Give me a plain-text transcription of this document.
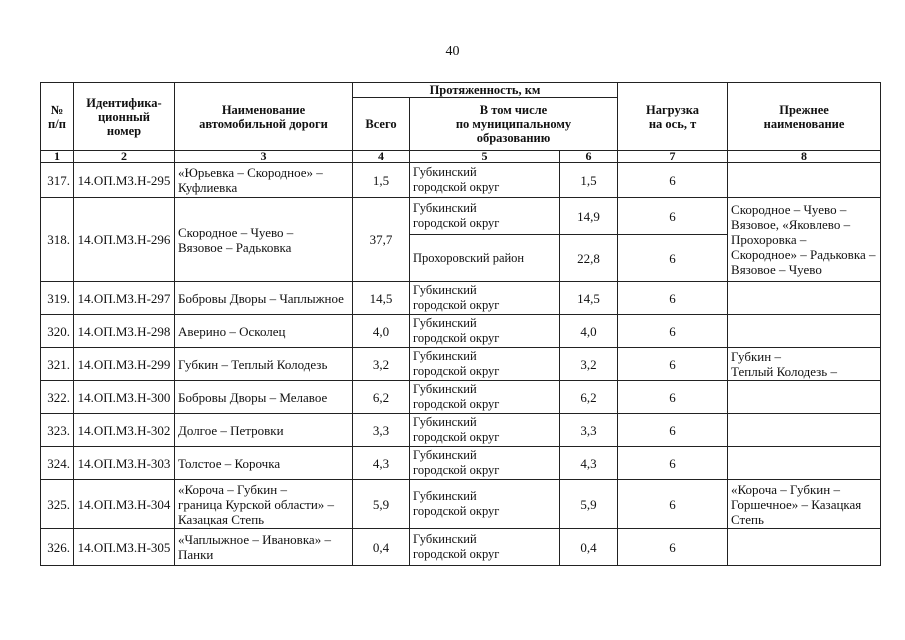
40
№
п/п	Идентифика-
ционный
номер	Наименование
автомобильной дороги	Протяженность, км			Нагрузка
на ось, т	Прежнее
наименование
			Всего	В том числе
по муниципальному
образованию			
1	2	3	4	5	6	7	8
317.	14.ОП.МЗ.Н-295	«Юрьевка – Скородное» –
Куфлиевка	1,5	Губкинский
городской округ	1,5	6	
318.	14.ОП.МЗ.Н-296	Скородное – Чуево –
Вязовое – Радьковка	37,7	Губкинский
городской округ	14,9	6	Скородное – Чуево –
Вязовое, «Яковлево –
Прохоровка –
Скородное» – Радьковка –
Вязовое – Чуево
				Прохоровский район	22,8	6	
319.	14.ОП.МЗ.Н-297	Бобровы Дворы – Чаплыжное	14,5	Губкинский
городской округ	14,5	6	
320.	14.ОП.МЗ.Н-298	Аверино – Осколец	4,0	Губкинский
городской округ	4,0	6	
321.	14.ОП.МЗ.Н-299	Губкин – Теплый Колодезь	3,2	Губкинский
городской округ	3,2	6	Губкин –
Теплый Колодезь –
322.	14.ОП.МЗ.Н-300	Бобровы Дворы – Мелавое	6,2	Губкинский
городской округ	6,2	6	
323.	14.ОП.МЗ.Н-302	Долгое – Петровки	3,3	Губкинский
городской округ	3,3	6	
324.	14.ОП.МЗ.Н-303	Толстое – Корочка	4,3	Губкинский
городской округ	4,3	6	
325.	14.ОП.МЗ.Н-304	«Короча – Губкин –
граница Курской области» –
Казацкая Степь	5,9	Губкинский
городской округ	5,9	6	«Короча – Губкин –
Горшечное» – Казацкая
Степь
326.	14.ОП.МЗ.Н-305	«Чаплыжное – Ивановка» –
Панки	0,4	Губкинский
городской округ	0,4	6	
